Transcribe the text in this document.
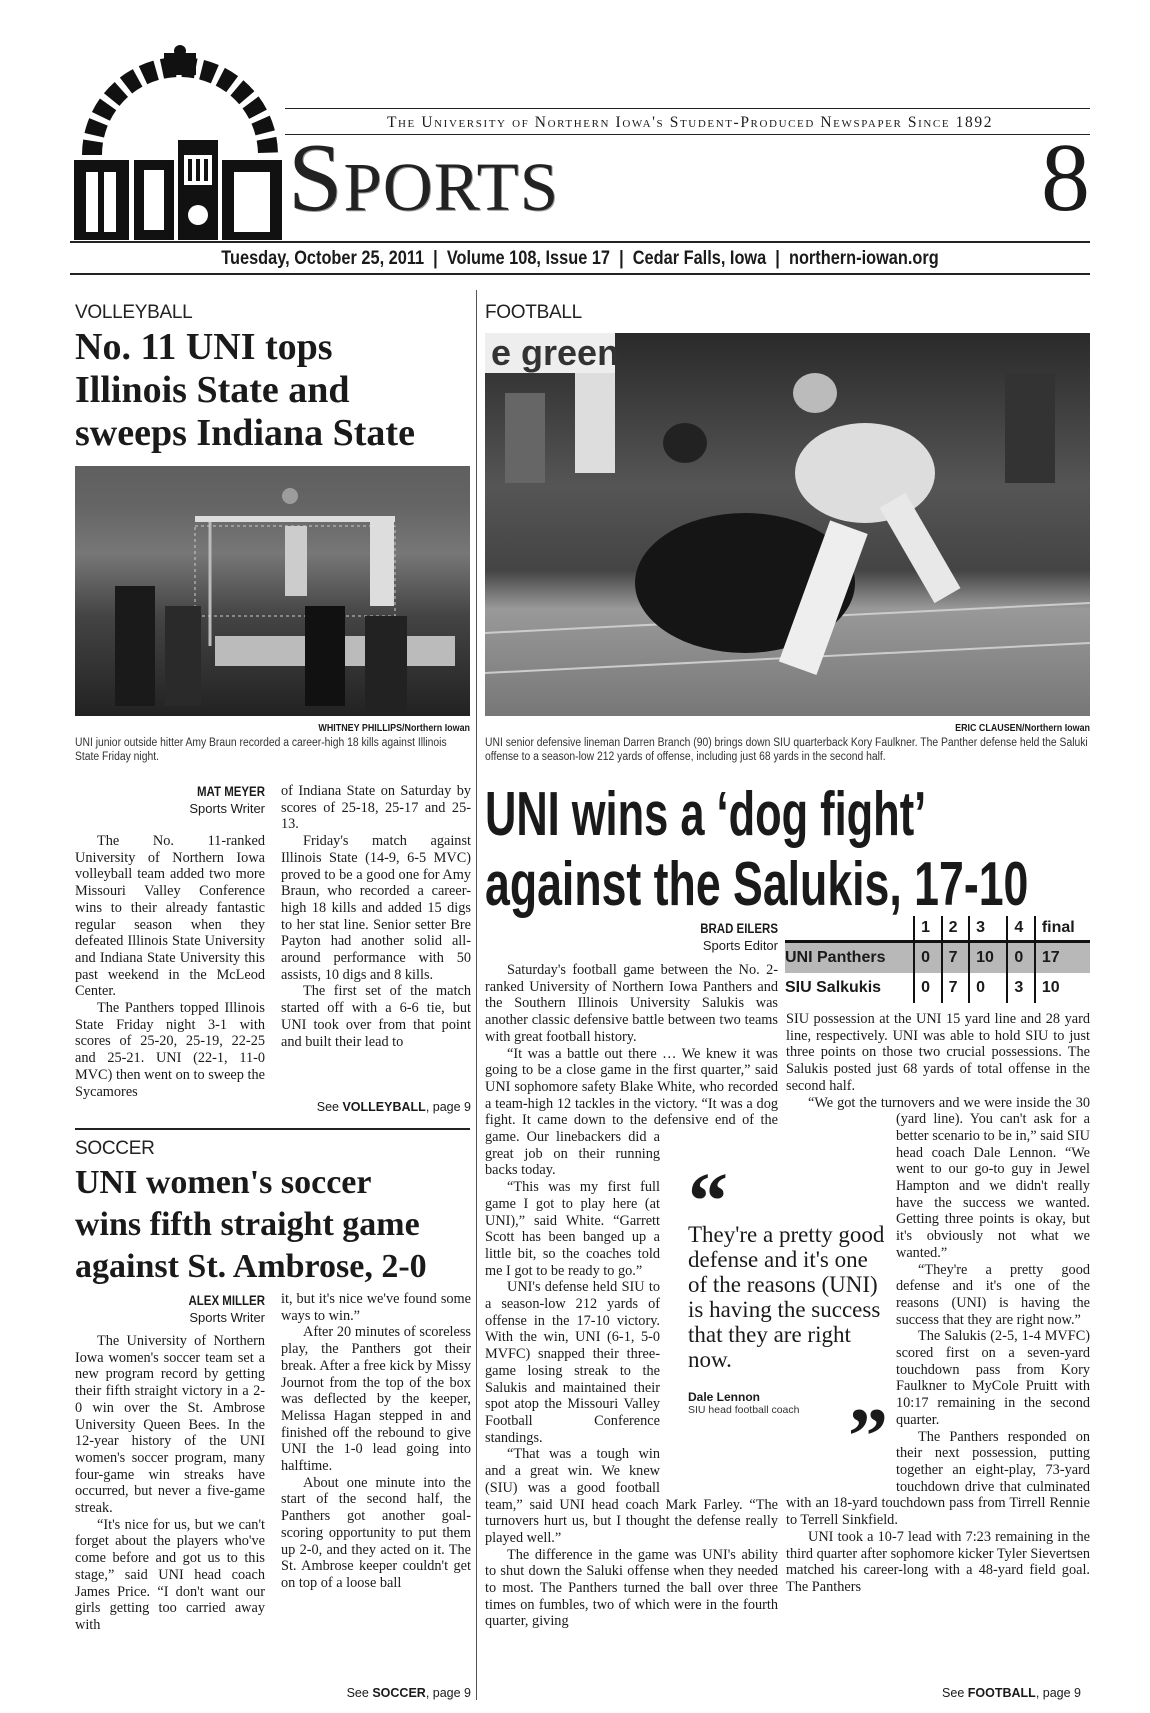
The University of Northern Iowa's Student-Produced Newspaper Since 1892
Sports	8
Tuesday, October 25, 2011  |  Volume 108, Issue 17  |  Cedar Falls, Iowa  |  northern-iowan.org
VOLLEYBALL
No. 11 UNI tops
Illinois State and
sweeps Indiana State
WHITNEY PHILLIPS/Northern Iowan
UNI junior outside hitter Amy Braun recorded a career-high 18 kills against Illinois State Friday night.
MAT MEYER
Sports Writer

The No. 11-ranked University of Northern Iowa volleyball team added two more Missouri Valley Conference wins to their already fantastic regular season when they defeated Illinois State University and Indiana State University this past weekend in the McLeod Center.

The Panthers topped Illinois State Friday night 3-1 with scores of 25-20, 25-19, 22-25 and 25-21. UNI (22-1, 11-0 MVC) then went on to sweep the Sycamores

of Indiana State on Saturday by scores of 25-18, 25-17 and 25-13.

Friday's match against Illinois State (14-9, 6-5 MVC) proved to be a good one for Amy Braun, who recorded a career-high 18 kills and added 15 digs to her stat line. Senior setter Bre Payton had another solid all-around performance with 50 assists, 10 digs and 8 kills.

The first set of the match started off with a 6-6 tie, but UNI took over from that point and built their lead to

See VOLLEYBALL, page 9
SOCCER
UNI women's soccer
wins fifth straight game
against St. Ambrose, 2-0
ALEX MILLER
Sports Writer

The University of Northern Iowa women's soccer team set a new program record by getting their fifth straight victory in a 2-0 win over the St. Ambrose University Queen Bees. In the 12-year history of the UNI women's soccer program, many four-game win streaks have occurred, but never a five-game streak.

“It's nice for us, but we can't forget about the players who've come before and got us to this stage,” said UNI head coach James Price. “I don't want our girls getting too carried away with

it, but it's nice we've found some ways to win.”

After 20 minutes of scoreless play, the Panthers got their break. After a free kick by Missy Journot from the top of the box was deflected by the keeper, Melissa Hagan stepped in and finished off the rebound to give UNI the 1-0 lead going into halftime.

About one minute into the start of the second half, the Panthers got another goal-scoring opportunity to put them up 2-0, and they acted on it. The St. Ambrose keeper couldn't get on top of a loose ball

See SOCCER, page 9
FOOTBALL
e green
ERIC CLAUSEN/Northern Iowan
UNI senior defensive lineman Darren Branch (90) brings down SIU quarterback Kory Faulkner. The Panther defense held the Saluki offense to a season-low 212 yards of offense, including just 68 yards in the second half.
UNI wins a ‘dog fight’
against the Salukis, 17-10
BRAD EILERS
Sports Editor
	1	2	3	4	final
UNI Panthers	0	7	10	0	17
SIU Salkukis	0	7	0	3	10

Saturday's football game between the No. 2-ranked University of Northern Iowa Panthers and the Southern Illinois University Salukis was another classic defensive battle between two teams with great football history.

“It was a battle out there … We knew it was going to be a close game in the first quarter,” said UNI sophomore safety Blake White, who recorded a team-high 12 tackles in the victory. “It was a dog fight. It came down to the defensive end of the game. Our linebackers did a great job on their running backs today.

“This was my first full game I got to play here (at UNI),” said White. “Garrett Scott has been banged up a little bit, so the coaches told me I got to be ready to go.”

UNI's defense held SIU to a season-low 212 yards of offense in the 17-10 victory. With the win, UNI (6-1, 5-0 MVFC) snapped their three-game losing streak to the Salukis and maintained their spot atop the Missouri Valley Football Conference standings.

“That was a tough win and a great win. We knew (SIU) was a good football team,” said UNI head coach Mark Farley. “The turnovers hurt us, but I thought the defense really played well.”

The difference in the game was UNI's ability to shut down the Saluki offense when they needed to most. The Panthers turned the ball over three times on fumbles, two of which were in the fourth quarter, giving

SIU possession at the UNI 15 yard line and 28 yard line, respectively. UNI was able to hold SIU to just three points on those two crucial possessions. The Salukis posted just 68 yards of total offense in the second half.

“We got the turnovers and we were inside the 30 (yard line). You can't ask for a better scenario to be in,” said SIU head coach Dale Lennon. “We went to our go-to guy in Jewel Hampton and we didn't really have the success we wanted. Getting three points is okay, but it's obviously not what we wanted.”

“They're a pretty good defense and it's one of the reasons (UNI) is having the success that they are right now.”

The Salukis (2-5, 1-4 MVFC) scored first on a seven-yard touchdown pass from Kory Faulkner to MyCole Pruitt with 10:17 remaining in the second quarter.

The Panthers responded on their next possession, putting together an eight-play, 73-yard touchdown drive that culminated with an 18-yard touchdown pass from Tirrell Rennie to Terrell Sinkfield.

UNI took a 10-7 lead with 7:23 remaining in the third quarter after sophomore kicker Tyler Sievertsen matched his career-long with a 48-yard field goal. The Panthers

“
They're a pretty good defense and it's one of the reasons (UNI) is having the success that they are right now.
Dale Lennon
SIU head football coach ”
See FOOTBALL, page 9
